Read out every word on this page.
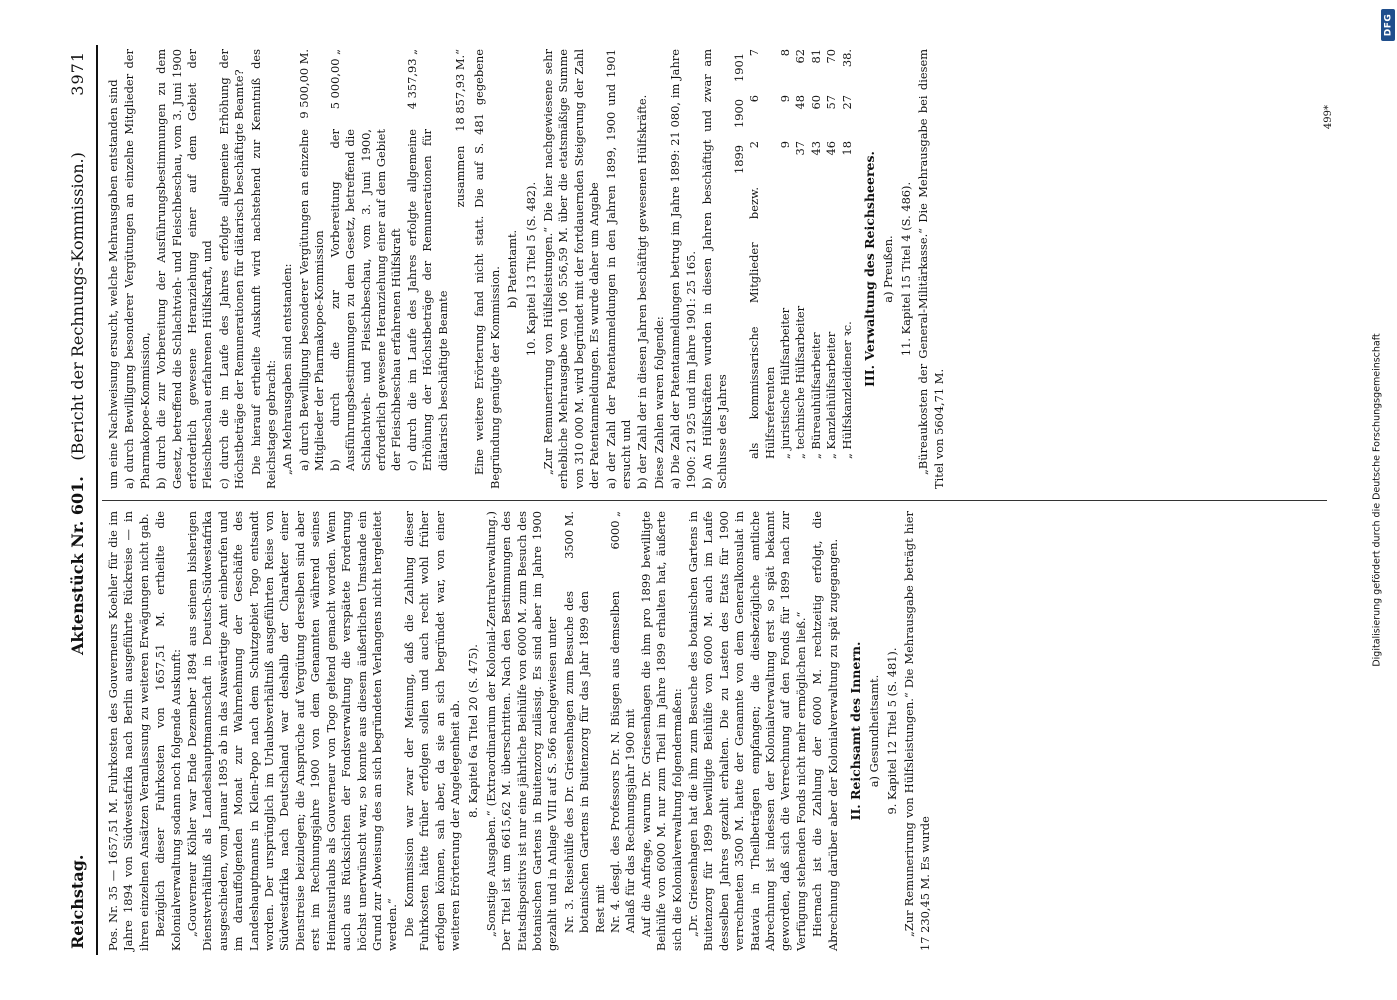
Reichstag.
Aktenstück Nr. 601. (Bericht der Rechnungs-Kommission.)
3971

Pos. Nr. 35 — 1657,51 M. Fuhrkosten des Gouverneurs Koehler für die im Jahre 1894 von Südwestafrika nach Berlin ausgeführte Rückreise — in ihren einzelnen Ansätzen Veranlassung zu weiteren Erwägungen nicht gab. Bezüglich dieser Fuhrkosten von 1657,51 M. ertheilte die Kolonialverwaltung sodann noch folgende Auskunft: „Gouverneur Köhler war Ende Dezember 1894 aus seinem bisherigen Dienstverhältniß als Landeshauptmannschaft in Deutsch-Südwestafrika ausgeschieden, vom Januar 1895 ab in das Auswärtige Amt einberufen und im darauffolgenden Monat zur Wahrnehmung der Geschäfte des Landeshauptmanns in Klein-Popo nach dem Schutzgebiet Togo entsandt worden. Der ursprünglich im Urlaubsverhältniß ausgeführten Reise von Südwestafrika nach Deutschland war deshalb der Charakter einer Dienstreise beizulegen; die Ansprüche auf Vergütung derselben sind aber erst im Rechnungsjahre 1900 von dem Genannten während seines Heimatsurlaubs als Gouverneur von Togo geltend gemacht worden. Wenn auch aus Rücksichten der Fondsverwaltung die verspätete Forderung höchst unerwünscht war, so konnte aus diesem äußerlichen Umstande ein Grund zur Abweisung des an sich begründeten Verlangens nicht hergeleitet werden.“ Die Kommission war zwar der Meinung, daß die Zahlung dieser Fuhrkosten hätte früher erfolgen sollen und auch recht wohl früher erfolgen können, sah aber, da sie an sich begründet war, von einer weiteren Erörterung der Angelegenheit ab. 8. Kapitel 6a Titel 20 (S. 475). „Sonstige Ausgaben.“ (Extraordinarium der Kolonial-Zentralverwaltung.) Der Titel ist um 6615,62 M. überschritten. Nach den Bestimmungen des Etatsdispositivs ist nur eine jährliche Beihülfe von 6000 M. zum Besuch des botanischen Gartens in Buitenzorg zulässig. Es sind aber im Jahre 1900 gezahlt und in Anlage VIII auf S. 566 nachgewiesen unter Nr. 3. Reisehülfe des Dr. Griesenhagen zum Besuche des botanischen Gartens in Buitenzorg für das Jahr 1899 den Rest mit
3500 M.
Nr. 4. desgl. des Professors Dr. N. Büsgen aus demselben Anlaß für das Rechnungsjahr 1900 mit
6000 „	Auf die Anfrage, warum Dr. Griesenhagen die ihm pro 1899 bewilligte Beihülfe von 6000 M. nur zum Theil im Jahre 1899 erhalten hat, äußerte sich die Kolonialverwaltung folgendermaßen: „Dr. Griesenhagen hat die ihm zum Besuche des botanischen Gartens in Buitenzorg für 1899 bewilligte Beihülfe von 6000 M. auch im Laufe desselben Jahres gezahlt erhalten. Die zu Lasten des Etats für 1900 verrechneten 3500 M. hatte der Genannte von dem Generalkonsulat in Batavia in Theilbeträgen empfangen; die diesbezügliche amtliche Abrechnung ist indessen der Kolonialverwaltung erst so spät bekannt geworden, daß sich die Verrechnung auf den Fonds für 1899 nach zur Verfügung stehenden Fonds nicht mehr ermöglichen ließ.“ Hiernach ist die Zahlung der 6000 M. rechtzeitig erfolgt, die Abrechnung darüber aber der Kolonialverwaltung zu spät zugegangen. II. Reichsamt des Innern. a) Gesundheitsamt. 9. Kapitel 12 Titel 5 (S. 481). „Zur Remunerirung von Hülfsleistungen.“ Die Mehrausgabe beträgt hier 17 230,45 M. Es wurde

um eine Nachweisung ersucht, welche Mehrausgaben entstanden sind a) durch Bewilligung besonderer Vergütungen an einzelne Mitglieder der Pharmakopoe-Kommission, b) durch die zur Vorbereitung der Ausführungsbestimmungen zu dem Gesetz, betreffend die Schlachtvieh- und Fleischbeschau, vom 3. Juni 1900 erforderlich gewesene Heranziehung einer auf dem Gebiet der Fleischbeschau erfahrenen Hülfskraft, und c) durch die im Laufe des Jahres erfolgte allgemeine Erhöhung der Höchstbeträge der Remunerationen für diätarisch beschäftigte Beamte? Die hierauf ertheilte Auskunft wird nachstehend zur Kenntniß des Reichstages gebracht: „An Mehrausgaben sind entstanden: a) durch Bewilligung besonderer Vergütungen an einzelne Mitglieder der Pharmakopoe-Kommission
9 500,00 M.
b) durch die zur Vorbereitung der Ausführungsbestimmungen zu dem Gesetz, betreffend die Schlachtvieh- und Fleischbeschau, vom 3. Juni 1900, erforderlich gewesene Heranziehung einer auf dem Gebiet der Fleischbeschau erfahrenen Hülfskraft
5 000,00 „
c) durch die im Laufe des Jahres erfolgte allgemeine Erhöhung der Höchstbeträge der Remunerationen für diätarisch beschäftigte Beamte
4 357,93 „
zusammen
18 857,93 M.“ Eine weitere Erörterung fand nicht statt. Die auf S. 481 gegebene Begründung genügte der Kommission. b) Patentamt. 10. Kapitel 13 Titel 5 (S. 482). „Zur Remunerirung von Hülfsleistungen.“ Die hier nachgewiesene sehr erhebliche Mehrausgabe von 106 556,59 M. über die etatsmäßige Summe von 310 000 M. wird begründet mit der fortdauernden Steigerung der Zahl der Patentanmeldungen. Es wurde daher um Angabe a) der Zahl der Patentanmeldungen in den Jahren 1899, 1900 und 1901 ersucht und b) der Zahl der in diesen Jahren beschäftigt gewesenen Hülfskräfte. Diese Zahlen waren folgende: a) Die Zahl der Patentanmeldungen betrug im Jahre 1899: 21 080, im Jahre 1900: 21 925 und im Jahre 1901: 25 165. b) An Hülfskräften wurden in diesen Jahren beschäftigt und zwar am Schlusse des Jahres

1899
1900
1901
als kommissarische Mitglieder bezw. Hülfsreferenten
2
6
7
„ juristische Hülfsarbeiter
9
9
8
„ technische Hülfsarbeiter
37
48
62
„ Büreauhülfsarbeiter
43
60
81
„ Kanzleihülfsarbeiter
46
57
70
„ Hülfskanzleidiener ꝛc.
18
27
38.

III. Verwaltung des Reichsheeres. a) Preußen. 11. Kapitel 15 Titel 4 (S. 486). „Büreaukosten der General-Militärkasse.“ Die Mehrausgabe bei diesem Titel von 5604,71 M.

499*
Digitalisierung gefördert durch die Deutsche Forschungsgemeinschaft
DFG
